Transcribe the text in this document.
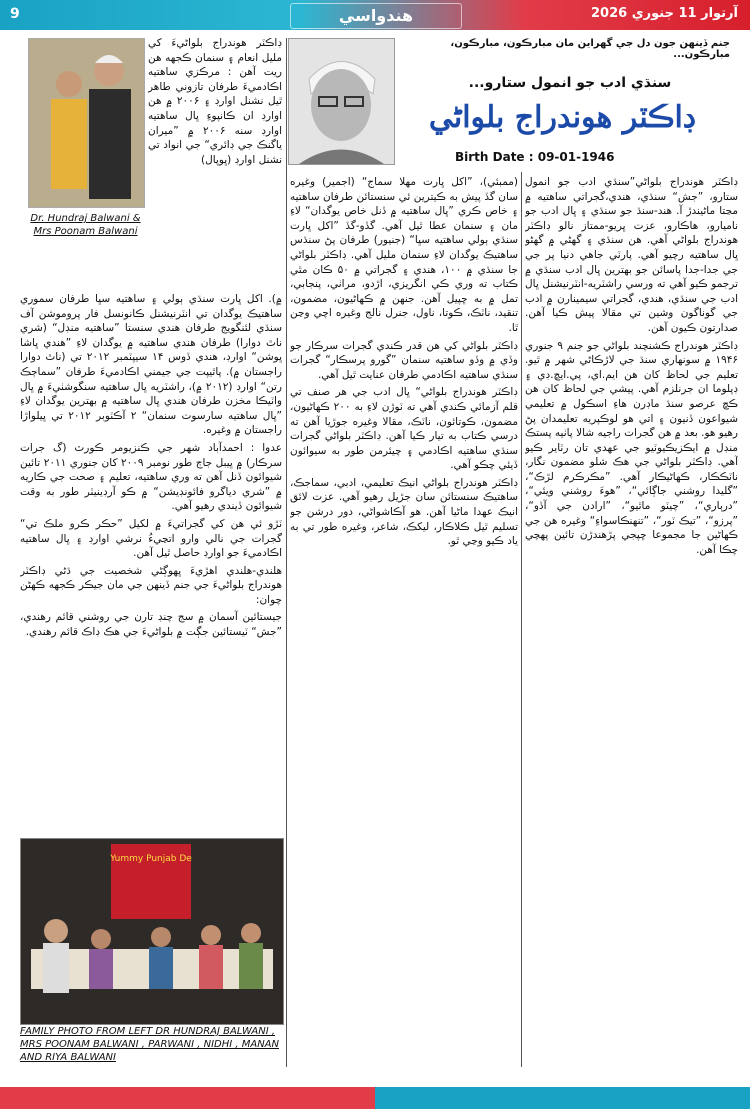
9	هندواسي	آرتوار 11 جنوري 2026
Dr. Hundraj Balwani & Mrs Poonam Balwani
ڊاڪٽر هوندراج بلواڻيءَ کي مليل انعام ۽ سنمان ڪجهه هن ريت آهن : مرڪزي ساهتيه اڪادميءَ طرفان تازوني طاهر ٿيل نشنل اوارڊ ۽ ۲۰۰۶ ۾ هن اوارڊ ان ڪانپوءِ ڀال ساهتيه اوارڊ سنه ۲۰۰۶ ۾ ”ميران ياگنڪ جي ڊائري“ جي انواد تي نشنل اوارڊ (ڀوپال)
جنم ڏينهن جون دل جي گهراين مان مبارڪون، مبارڪون، مبارڪون...
سنڌي ادب جو انمول ستارو...
ڊاڪٽر هوندراج بلواڻي
Birth Date : 09-01-1946

ڊاڪٽر هوندراج بلواڻي”سنڌي ادب جو انمول ستارو، ”جش“ سنڌي، هندي،گجراتي ساهتيه ۾ مڃتا ماڻيندڙ آ. هند-سنڌ جو سنڌي ۽ ڀال ادب جو ناميارو، هاڪارو، عزت ڀريو-ممتاز نالو ڊاڪٽر هوندراج بلواڻي آهي. هن سنڌي ۽ گهڻي ۾ گهڻو ڀال ساهتيه رچيو آهي. پارٽي جاهي دنيا پر جي جي جدا-جدا پاسائن جو بهترين ڀال ادب سنڌي ۾ ترجمو ڪيو آهي ته ورسي راشٽريه-انٽرنيشنل ڀال ادب جي سنڌي، هندي، گجراتي سيمينارن ۾ ادب جي گوناگون وشين تي مقالا پيش ڪيا آهن. صدارتون ڪيون آهن.

ڊاڪٽر هوندراج ڪشنچند بلواڻي جو جنم ۹ جنوري ۱۹۴۶ ۾ سونهاري سنڌ جي لاڙڪاڻي شهر ۾ ٿيو. تعليم جي لحاظ کان هن ايم.اي، پي.ايڇ.ڊي ۽ ڊپلوما ان جرنلزم آهي. پيشي جي لحاظ کان هن ڪڇ عرصو سنڌ ماڊرن هاءِ اسڪول ۾ تعليمي شيواعون ڏنيون ۽ اتي هو لوڪپريه تعليمدان پڻ رهيو هو. بعد ۾ هن گجرات راجيه شالا پاٺيه پستڪ منڊل ۾ ايڪزيڪيوٽيو جي عهدي تان رٽاير ڪيو آهي. ڊاڪٽر بلواڻي جي هڪ شلو مضمون نگار، ناٽڪڪار، ڪهاڻيڪار آهي. ”مڪرڪرم لڙڪ“، ”گليدا روشني جاڳائي“، ”هوءَ روشني ويئي“، ”درٻاري“، ”چيٽو ماٿيو“، ”ارادن جي آڏو“، ”پرزو“، ”تيڪ ٽور“، ”تنهنڪاسواءِ“ وغيره هن جي ڪهاڻين جا مجموعا ڇپجي پڙهندڙن تائين پهچي چڪا آهن.

(ممبئي)، ”اکل ڀارت مهلا سماج“ (اجمير) وغيره سان گڏ پيش به ڪيترين ئي سنستائن طرفان ساهتيه ۽ خاص ڪري ”ڀال ساهتيه ۾ ڏنل خاص يوگدان“ لاءِ مان ۽ سنمان عطا ٿيل آهي. گڏو-گڏ ”اکل ڀارت سنڌي ٻولي ساهتيه سڀا“ (جنيور) طرفان پڻ سنڌس ساهتيڪ يوگدان لاءِ سنمان مليل آهي. ڊاڪٽر بلواڻي جا سنڌي ۾ ۱۰۰، هندي ۽ گجراتي ۾ ۵۰ ڪان مٿي ڪتاب ته وري ڪي انگريزي، اڙدو، مراٺي، پنجابي، تمل ۾ به ڇپيل آهن. جنهن ۾ ڪهاڻيون، مضمون، تنقيد، ناٽڪ، ڪوتا، ناول، جنرل نالج وغيره اچي وڃن ٿا.

ڊاڪٽر بلواڻي کي هن قدر ڪندي گجرات سرڪار جو وڏي ۾ وڏو ساهتيه سنمان ”گورو پرسڪار“ گجرات سنڌي ساهتيه اڪادمي طرفان عنايت ٿيل آهي.

ڊاڪٽر هوندراج بلواڻي“ ڀال ادب جي هر صنف تي قلم آزمائي ڪندي آهي ته ٽوڙن لاءِ به ۲۰۰ ڪهاڻيون، مضمون، ڪوتائون، ناٽڪ، مقالا وغيره جوڙيا آهن ته درسي ڪتاب به تيار ڪيا آهن. ڊاڪٽر بلواڻي گجرات سنڌي ساهتيه اڪادمي ۽ چيئرمن طور به سيوائون ڏيئي چڪو آهي.

ڊاڪٽر هوندراج بلواڻي انيڪ تعليمي، ادبي، سماجڪ، ساهتيڪ سنستائن سان جڙيل رهيو آهي. عزت لائق انيڪ عهدا ماڻيا آهن. هو آڪاشواڻي، دور درشن جو تسليم ٿيل ڪلاڪار، ليکڪ، شاعر، وغيره طور تي به ياد ڪيو وڃي ٿو.

۾). اکل ڀارت سنڌي ٻولي ۽ ساهتيه سڀا طرفان سموري ساهتيڪ يوگدان تي انٽرنيشنل ڪانونسل فار پروموشن آف سنڌي لئنگويج طرفان هندي سنستا ”ساهتيه منڊل“ (شري ناٿ دوارا) طرفان هندي ساهتيه ۾ يوگدان لاءِ ”هندي ڀاشا ڀوشن“ اوارڊ، هندي ڏوس ۱۴ سيپٽمبر ۲۰۱۲ تي (ناٿ دوارا راجستان ۾). پاٿيپت جي جيمني اڪادميءَ طرفان ”سماڄڪ رتن“ اوارڊ (۲۰۱۲ ۾)، راشٽريه ڀال ساهتيه سنگوشٺيءَ ۾ ڀال واٽيڪا مخزن طرفان هندي ڀال ساهتيه ۾ بهترين يوگدان لاءِ ”ڀال ساهتيه سارسوت سنمان“ ۲ آڪٽوبر ۲۰۱۲ تي ڀيلواڙا راجستان ۾ وغيره.

عدوا : احمدآباد شهر جي ڪنزيومر ڪورٽ (گ جرات سرڪار) ۾ ڀيبل جاڄ طور نومبر ۲۰۰۹ کان جنوري ۲۰۱۱ تائين شيوائون ڏنل آهن ته وري ساهتيه، تعليم ۽ صحت جي ڪاريه ۾ ”شري دياگرو فائونڊيشن“ ۾ ڪو آرڊينيٽر طور به وقت شيوائون ڏيندي رهيو آهي.

ٽڙو ئي هن کي گجراتيءَ ۾ لکيل ”حڪر ڪرو ملڪ تي“ گجرات جي نالي وارو اتڃيءُ نرشي اوارڊ ۽ ڀال ساهتيه اڪادميءَ جو اوارڊ حاصل ٿيل آهن.

هلندي-هلندي اهڙيءَ ڀهوڳڻي شخصيت جي ڌڻي ڊاڪٽر هوندراج بلواڻيءَ جي جنم ڏينهن جي مان جيڪر ڪجهه ڪهڻن چوان:

جيستائين آسمان ۾ سج چنڊ تارن جي روشني قائم رهندي، ”جش“ ٽيستائين جڳت ۾ بلواڻيءَ جي هڪ ڊاڪ قائم رهندي.

Yummy Punjab De
FAMILY PHOTO FROM LEFT DR HUNDRAJ BALWANI , MRS POONAM BALWANI , PARWANI , NIDHI , MANAN AND RIYA BALWANI
